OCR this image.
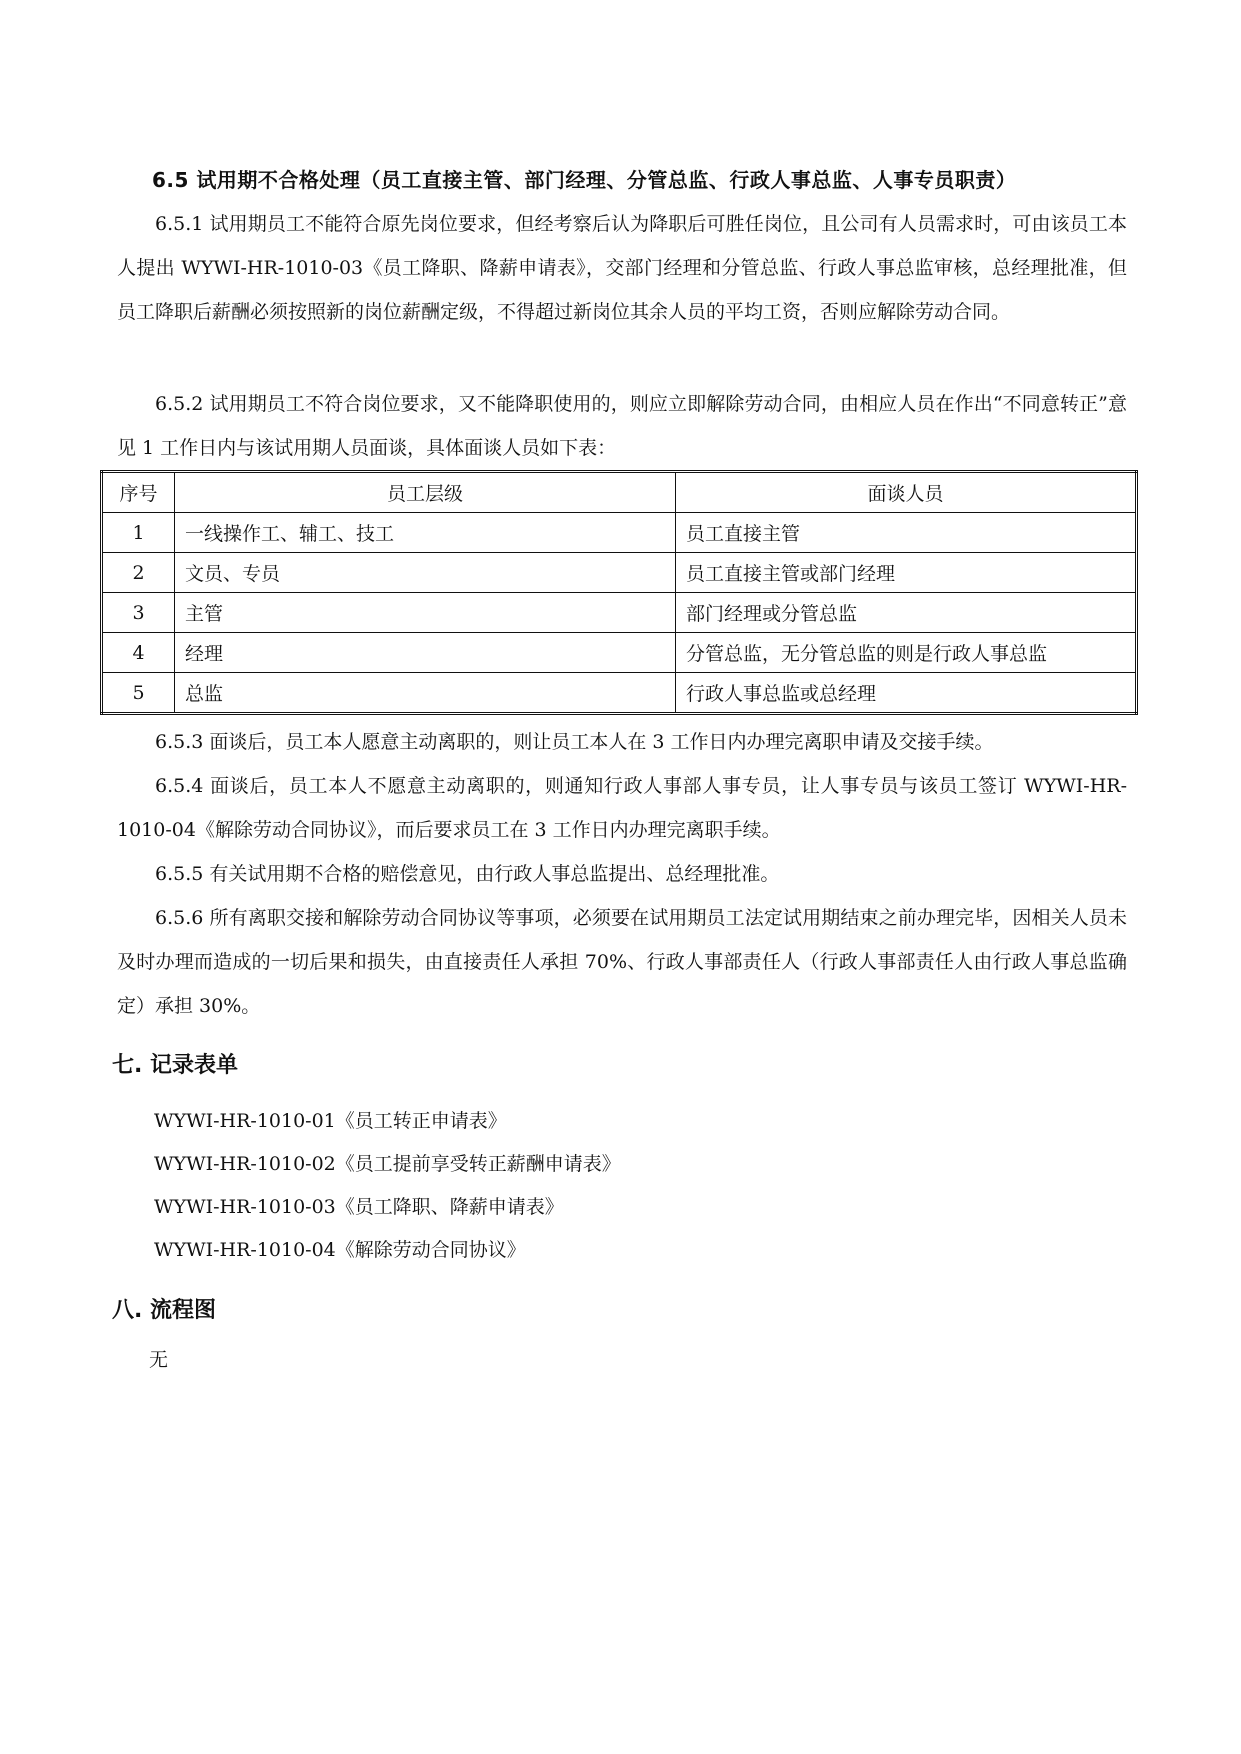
6.5 试用期不合格处理（员工直接主管、部门经理、分管总监、行政人事总监、人事专员职责）
6.5.1 试用期员工不能符合原先岗位要求，但经考察后认为降职后可胜任岗位，且公司有人员需求时，可由该员工本人提出 WYWI-HR-1010-03《员工降职、降薪申请表》，交部门经理和分管总监、行政人事总监审核，总经理批准，但员工降职后薪酬必须按照新的岗位薪酬定级，不得超过新岗位其余人员的平均工资，否则应解除劳动合同。
6.5.2 试用期员工不符合岗位要求，又不能降职使用的，则应立即解除劳动合同，由相应人员在作出“不同意转正”意见 1 工作日内与该试用期人员面谈，具体面谈人员如下表：
序号	员工层级	面谈人员
1	一线操作工、辅工、技工	员工直接主管
2	文员、专员	员工直接主管或部门经理
3	主管	部门经理或分管总监
4	经理	分管总监，无分管总监的则是行政人事总监
5	总监	行政人事总监或总经理
6.5.3 面谈后，员工本人愿意主动离职的，则让员工本人在 3 工作日内办理完离职申请及交接手续。
6.5.4 面谈后，员工本人不愿意主动离职的，则通知行政人事部人事专员，让人事专员与该员工签订 WYWI-HR-1010-04《解除劳动合同协议》，而后要求员工在 3 工作日内办理完离职手续。
6.5.5 有关试用期不合格的赔偿意见，由行政人事总监提出、总经理批准。
6.5.6 所有离职交接和解除劳动合同协议等事项，必须要在试用期员工法定试用期结束之前办理完毕，因相关人员未及时办理而造成的一切后果和损失，由直接责任人承担 70%、行政人事部责任人（行政人事部责任人由行政人事总监确定）承担 30%。
七. 记录表单
WYWI-HR-1010-01《员工转正申请表》
WYWI-HR-1010-02《员工提前享受转正薪酬申请表》
WYWI-HR-1010-03《员工降职、降薪申请表》
WYWI-HR-1010-04《解除劳动合同协议》
八. 流程图
无
